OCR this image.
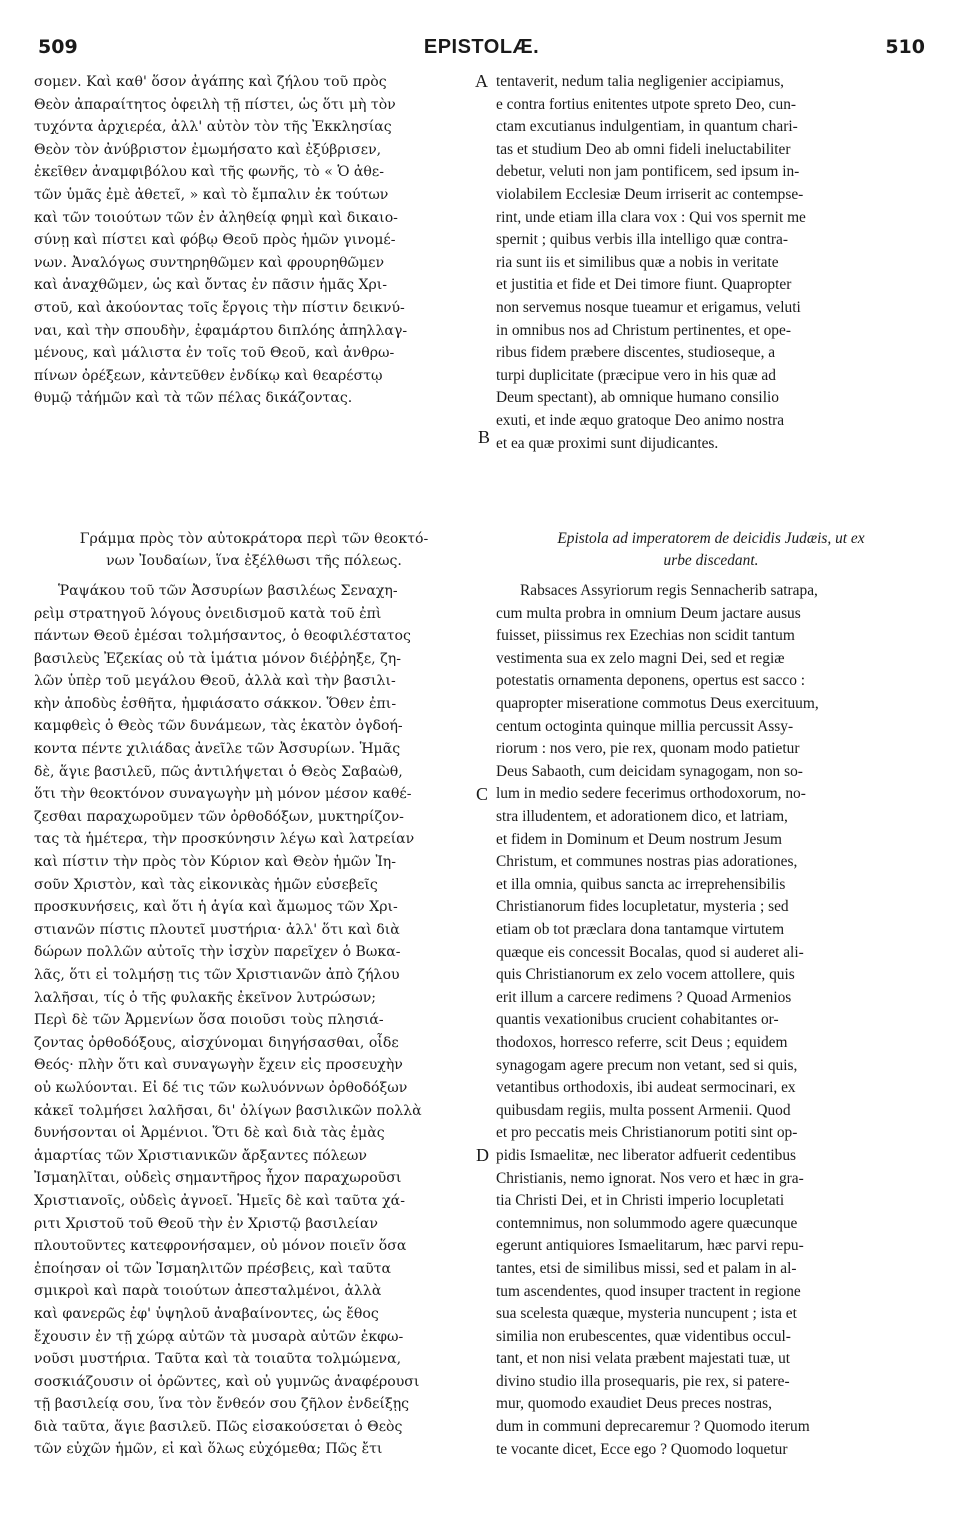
509	EPISTOLÆ.	510
A
B
C
D
σομεν. Καὶ καθ' ὅσον ἀγάπης καὶ ζήλου τοῦ πρὸς
Θεὸν ἀπαραίτητος ὀφειλὴ τῇ πίστει, ὡς ὅτι μὴ τὸν
τυχόντα ἀρχιερέα, ἀλλ' αὐτὸν τὸν τῆς Ἐκκλησίας
Θεὸν τὸν ἀνύβριστον ἐμωμήσατο καὶ ἐξύβρισεν,
ἐκεῖθεν ἀναμφιβόλου καὶ τῆς φωνῆς, τὸ « Ὁ ἀθε-
τῶν ὑμᾶς ἐμὲ ἀθετεῖ, » καὶ τὸ ἔμπαλιν ἐκ τούτων
καὶ τῶν τοιούτων τῶν ἐν ἀληθείᾳ φημὶ καὶ δικαιο-
σύνῃ καὶ πίστει καὶ φόβῳ Θεοῦ πρὸς ἡμῶν γινομέ-
νων. Ἀναλόγως συντηρηθῶμεν καὶ φρουρηθῶμεν
καὶ ἀναχθῶμεν, ὡς καὶ ὄντας ἐν πᾶσιν ἡμᾶς Χρι-
στοῦ, καὶ ἀκούοντας τοῖς ἔργοις τὴν πίστιν δεικνύ-
ναι, καὶ τὴν σπουδὴν, ἐφαμάρτου διπλόης ἀπηλλαγ-
μένους, καὶ μάλιστα ἐν τοῖς τοῦ Θεοῦ, καὶ ἀνθρω-
πίνων ὀρέξεων, κἀντεῦθεν ἐνδίκῳ καὶ θεαρέστῳ
θυμῷ τἀήμῶν καὶ τὰ τῶν πέλας δικάζοντας.
Γράμμα πρὸς τὸν αὐτοκράτορα περὶ τῶν θεοκτό-
νων Ἰουδαίων, ἵνα ἐξέλθωσι τῆς πόλεως.
Ῥαψάκου τοῦ τῶν Ἀσσυρίων βασιλέως Σεναχη-
ρεὶμ στρατηγοῦ λόγους ὀνειδισμοῦ κατὰ τοῦ ἐπὶ
πάντων Θεοῦ ἐμέσαι τολμήσαντος, ὁ θεοφιλέστατος
βασιλεὺς Ἐζεκίας οὐ τὰ ἱμάτια μόνον διέῤῥηξε, ζη-
λῶν ὑπὲρ τοῦ μεγάλου Θεοῦ, ἀλλὰ καὶ τὴν βασιλι-
κὴν ἀποδὺς ἐσθῆτα, ἠμφιάσατο σάκκον. Ὅθεν ἐπι-
καμφθεὶς ὁ Θεὸς τῶν δυνάμεων, τὰς ἑκατὸν ὀγδοή-
κοντα πέντε χιλιάδας ἀνεῖλε τῶν Ἀσσυρίων. Ἡμᾶς
δὲ, ἅγιε βασιλεῦ, πῶς ἀντιλήψεται ὁ Θεὸς Σαβαὼθ,
ὅτι τὴν θεοκτόνον συναγωγὴν μὴ μόνον μέσον καθέ-
ζεσθαι παραχωροῦμεν τῶν ὀρθοδόξων, μυκτηρίζον-
τας τὰ ἡμέτερα, τὴν προσκύνησιν λέγω καὶ λατρείαν
καὶ πίστιν τὴν πρὸς τὸν Κύριον καὶ Θεὸν ἡμῶν Ἰη-
σοῦν Χριστὸν, καὶ τὰς εἰκονικὰς ἡμῶν εὐσεβεῖς
προσκυνήσεις, καὶ ὅτι ἡ ἁγία καὶ ἄμωμος τῶν Χρι-
στιανῶν πίστις πλουτεῖ μυστήρια· ἀλλ' ὅτι καὶ διὰ
δώρων πολλῶν αὐτοῖς τὴν ἰσχὺν παρεῖχεν ὁ Βωκα-
λᾶς, ὅτι εἰ τολμήσῃ τις τῶν Χριστιανῶν ἀπὸ ζήλου
λαλῆσαι, τίς ὁ τῆς φυλακῆς ἐκεῖνον λυτρώσων;
Περὶ δὲ τῶν Ἀρμενίων ὅσα ποιοῦσι τοὺς πλησιά-
ζοντας ὀρθοδόξους, αἰσχύνομαι διηγήσασθαι, οἶδε
Θεός· πλὴν ὅτι καὶ συναγωγὴν ἔχειν εἰς προσευχὴν
οὐ κωλύονται. Εἰ δέ τις τῶν κωλυόννων ὀρθοδόξων
κἀκεῖ τολμήσει λαλῆσαι, δι' ὀλίγων βασιλικῶν πολλὰ
δυνήσονται οἱ Ἀρμένιοι. Ὅτι δὲ καὶ διὰ τὰς ἐμὰς
ἁμαρτίας τῶν Χριστιανικῶν ἄρξαντες πόλεων
Ἰσμαηλῖται, οὐδεὶς σημαντῆρος ἦχον παραχωροῦσι
Χριστιανοῖς, οὐδεὶς ἀγνοεῖ. Ἡμεῖς δὲ καὶ ταῦτα χά-
ριτι Χριστοῦ τοῦ Θεοῦ τὴν ἐν Χριστῷ βασιλείαν
πλουτοῦντες κατεφρονήσαμεν, οὐ μόνον ποιεῖν ὅσα
ἐποίησαν οἱ τῶν Ἰσμαηλιτῶν πρέσβεις, καὶ ταῦτα
σμικροὶ καὶ παρὰ τοιούτων ἀπεσταλμένοι, ἀλλὰ
καὶ φανερῶς ἐφ' ὑψηλοῦ ἀναβαίνοντες, ὡς ἔθος
ἔχουσιν ἐν τῇ χώρᾳ αὐτῶν τὰ μυσαρὰ αὐτῶν ἐκφω-
νοῦσι μυστήρια. Ταῦτα καὶ τὰ τοιαῦτα τολμώμενα,
σοσκιάζουσιν οἱ ὁρῶντες, καὶ οὐ γυμνῶς ἀναφέρουσι
τῇ βασιλείᾳ σου, ἵνα τὸν ἔνθεόν σου ζῆλον ἐνδείξῃς
διὰ ταῦτα, ἅγιε βασιλεῦ. Πῶς εἰσακούσεται ὁ Θεὸς
τῶν εὐχῶν ἡμῶν, εἰ καὶ ὅλως εὐχόμεθα; Πῶς ἔτι
tentaverit, nedum talia negligenier accipiamus,
e contra fortius enitentes utpote spreto Deo, cun-
ctam excutianus indulgentiam, in quantum chari-
tas et studium Deo ab omni fideli ineluctabiliter
debetur, veluti non jam pontificem, sed ipsum in-
violabilem Ecclesiæ Deum irriserit ac contempse-
rint, unde etiam illa clara vox : Qui vos spernit me
spernit ; quibus verbis illa intelligo quæ contra-
ria sunt iis et similibus quæ a nobis in veritate
et justitia et fide et Dei timore fiunt. Quapropter
non servemus nosque tueamur et erigamus, veluti
in omnibus nos ad Christum pertinentes, et ope-
ribus fidem præbere discentes, studioseque, a
turpi duplicitate (præcipue vero in his quæ ad
Deum spectant), ab omnique humano consilio
exuti, et inde æquo gratoque Deo animo nostra
et ea quæ proximi sunt dijudicantes.
Epistola ad imperatorem de deicidis Judæis, ut ex
urbe discedant.
Rabsaces Assyriorum regis Sennacherib satrapa,
cum multa probra in omnium Deum jactare ausus
fuisset, piissimus rex Ezechias non scidit tantum
vestimenta sua ex zelo magni Dei, sed et regiæ
potestatis ornamenta deponens, opertus est sacco :
quapropter miseratione commotus Deus exercituum,
centum octoginta quinque millia percussit Assy-
riorum : nos vero, pie rex, quonam modo patietur
Deus Sabaoth, cum deicidam synagogam, non so-
lum in medio sedere fecerimus orthodoxorum, no-
stra illudentem, et adorationem dico, et latriam,
et fidem in Dominum et Deum nostrum Jesum
Christum, et communes nostras pias adorationes,
et illa omnia, quibus sancta ac irreprehensibilis
Christianorum fides locupletatur, mysteria ; sed
etiam ob tot præclara dona tantamque virtutem
quæque eis concessit Bocalas, quod si auderet ali-
quis Christianorum ex zelo vocem attollere, quis
erit illum a carcere redimens ? Quoad Armenios
quantis vexationibus crucient cohabitantes or-
thodoxos, horresco referre, scit Deus ; equidem
synagogam agere precum non vetant, sed si quis,
vetantibus orthodoxis, ibi audeat sermocinari, ex
quibusdam regiis, multa possent Armenii. Quod
et pro peccatis meis Christianorum potiti sint op-
pidis Ismaelitæ, nec liberator adfuerit cedentibus
Christianis, nemo ignorat. Nos vero et hæc in gra-
tia Christi Dei, et in Christi imperio locupletati
contemnimus, non solummodo agere quæcunque
egerunt antiquiores Ismaelitarum, hæc parvi repu-
tantes, etsi de similibus missi, sed et palam in al-
tum ascendentes, quod insuper tractent in regione
sua scelesta quæque, mysteria nuncupent ; ista et
similia non erubescentes, quæ videntibus occul-
tant, et non nisi velata præbent majestati tuæ, ut
divino studio illa prosequaris, pie rex, si patere-
mur, quomodo exaudiet Deus preces nostras,
dum in communi deprecaremur ? Quomodo iterum
te vocante dicet, Ecce ego ? Quomodo loquetur
